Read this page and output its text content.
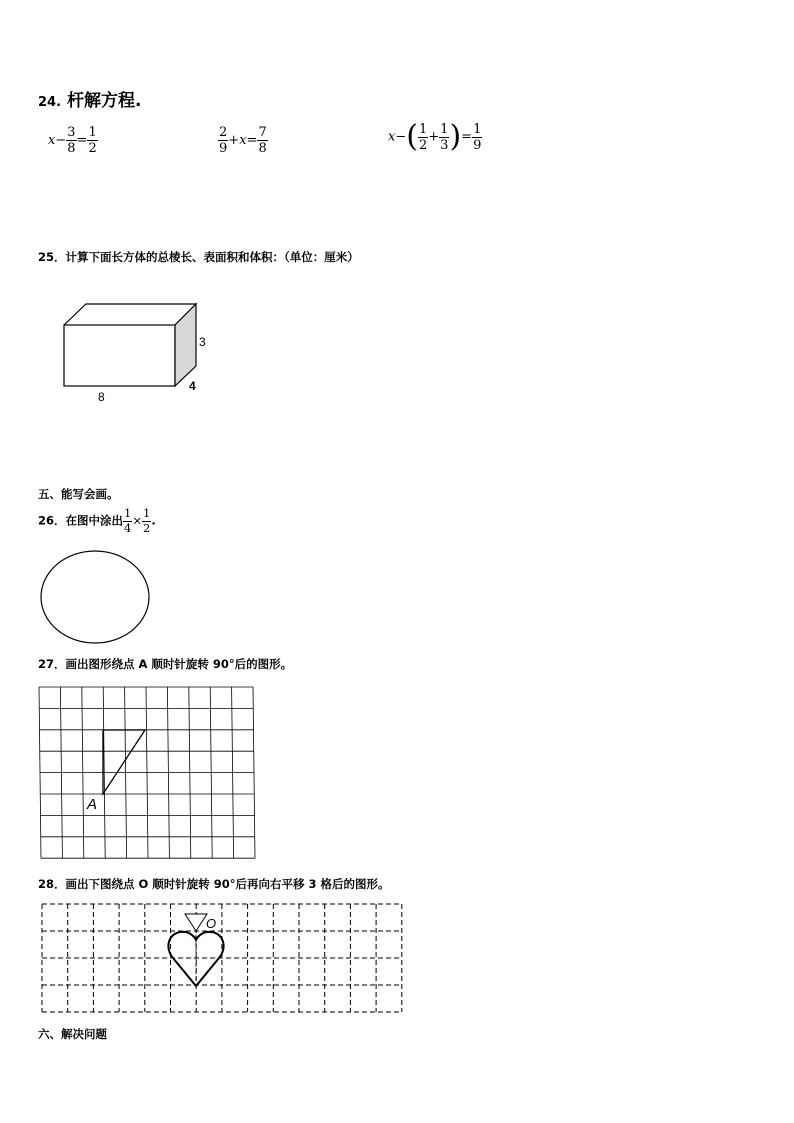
24. 杆解方程.
$x- \frac{3}{8} = \frac{1}{2}$	$\frac{2}{9} +x= \frac{7}{8}$	$x-( \frac{1}{2} + \frac{1}{3}$ )= $\frac{1}{9}$
25．计算下面长方体的总棱长、表面积和体积：（单位：厘米）
8
3
4
五、能写会画。
26．在图中涂出 $\frac{1}{4} \times \frac{1}{2}$ .
27．画出图形绕点 A 顺时针旋转 90°后的图形。
A
28．画出下图绕点 O 顺时针旋转 90°后再向右平移 3 格后的图形。
O
六、解决问题
